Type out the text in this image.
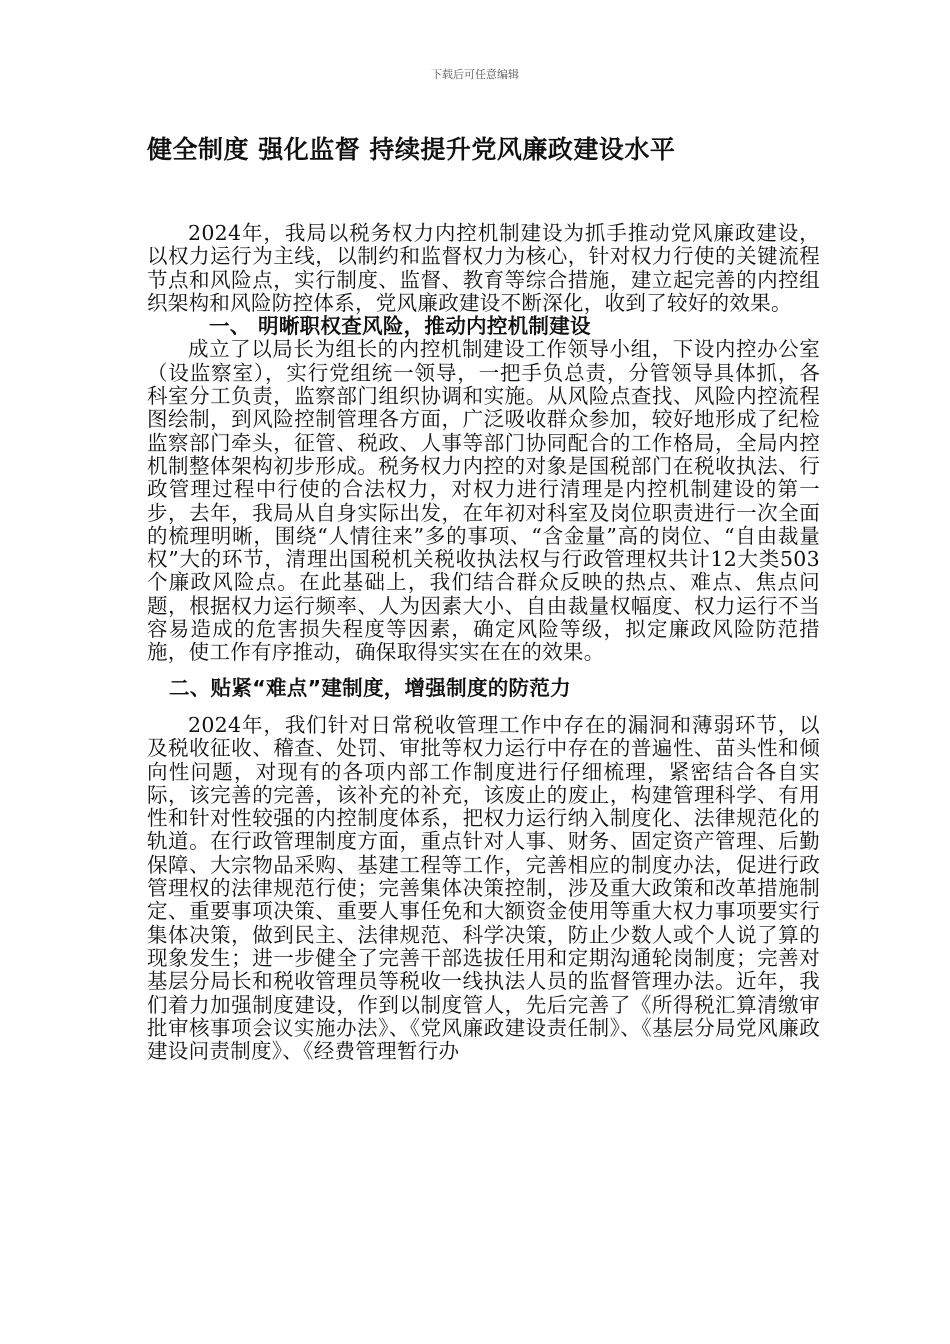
下载后可任意编辑
健全制度 强化监督 持续提升党风廉政建设水平

2024年，我局以税务权力内控机制建设为抓手推动党风廉政建设，以权力运行为主线，以制约和监督权力为核心，针对权力行使的关键流程节点和风险点，实行制度、监督、教育等综合措施，建立起完善的内控组织架构和风险防控体系，党风廉政建设不断深化，收到了较好的效果。

一、 明晰职权查风险，推动内控机制建设

成立了以局长为组长的内控机制建设工作领导小组，下设内控办公室（设监察室），实行党组统一领导，一把手负总责，分管领导具体抓，各科室分工负责，监察部门组织协调和实施。从风险点查找、风险内控流程图绘制，到风险控制管理各方面，广泛吸收群众参加，较好地形成了纪检监察部门牵头，征管、税政、人事等部门协同配合的工作格局，全局内控机制整体架构初步形成。税务权力内控的对象是国税部门在税收执法、行政管理过程中行使的合法权力，对权力进行清理是内控机制建设的第一步，去年，我局从自身实际出发，在年初对科室及岗位职责进行一次全面的梳理明晰，围绕“人情往来”多的事项、“含金量”高的岗位、“自由裁量权”大的环节，清理出国税机关税收执法权与行政管理权共计12大类503个廉政风险点。在此基础上，我们结合群众反映的热点、难点、焦点问题，根据权力运行频率、人为因素大小、自由裁量权幅度、权力运行不当容易造成的危害损失程度等因素，确定风险等级，拟定廉政风险防范措施，使工作有序推动，确保取得实实在在的效果。

二、贴紧“难点”建制度，增强制度的防范力

2024年，我们针对日常税收管理工作中存在的漏洞和薄弱环节，以及税收征收、稽查、处罚、审批等权力运行中存在的普遍性、苗头性和倾向性问题，对现有的各项内部工作制度进行仔细梳理，紧密结合各自实际，该完善的完善，该补充的补充，该废止的废止，构建管理科学、有用性和针对性较强的内控制度体系，把权力运行纳入制度化、法律规范化的轨道。在行政管理制度方面，重点针对人事、财务、固定资产管理、后勤保障、大宗物品采购、基建工程等工作，完善相应的制度办法，促进行政管理权的法律规范行使；完善集体决策控制，涉及重大政策和改革措施制定、重要事项决策、重要人事任免和大额资金使用等重大权力事项要实行集体决策，做到民主、法律规范、科学决策，防止少数人或个人说了算的现象发生；进一步健全了完善干部选拔任用和定期沟通轮岗制度；完善对基层分局长和税收管理员等税收一线执法人员的监督管理办法。近年，我们着力加强制度建设，作到以制度管人，先后完善了《所得税汇算清缴审批审核事项会议实施办法》、《党风廉政建设责任制》、《基层分局党风廉政建设问责制度》、《经费管理暂行办
